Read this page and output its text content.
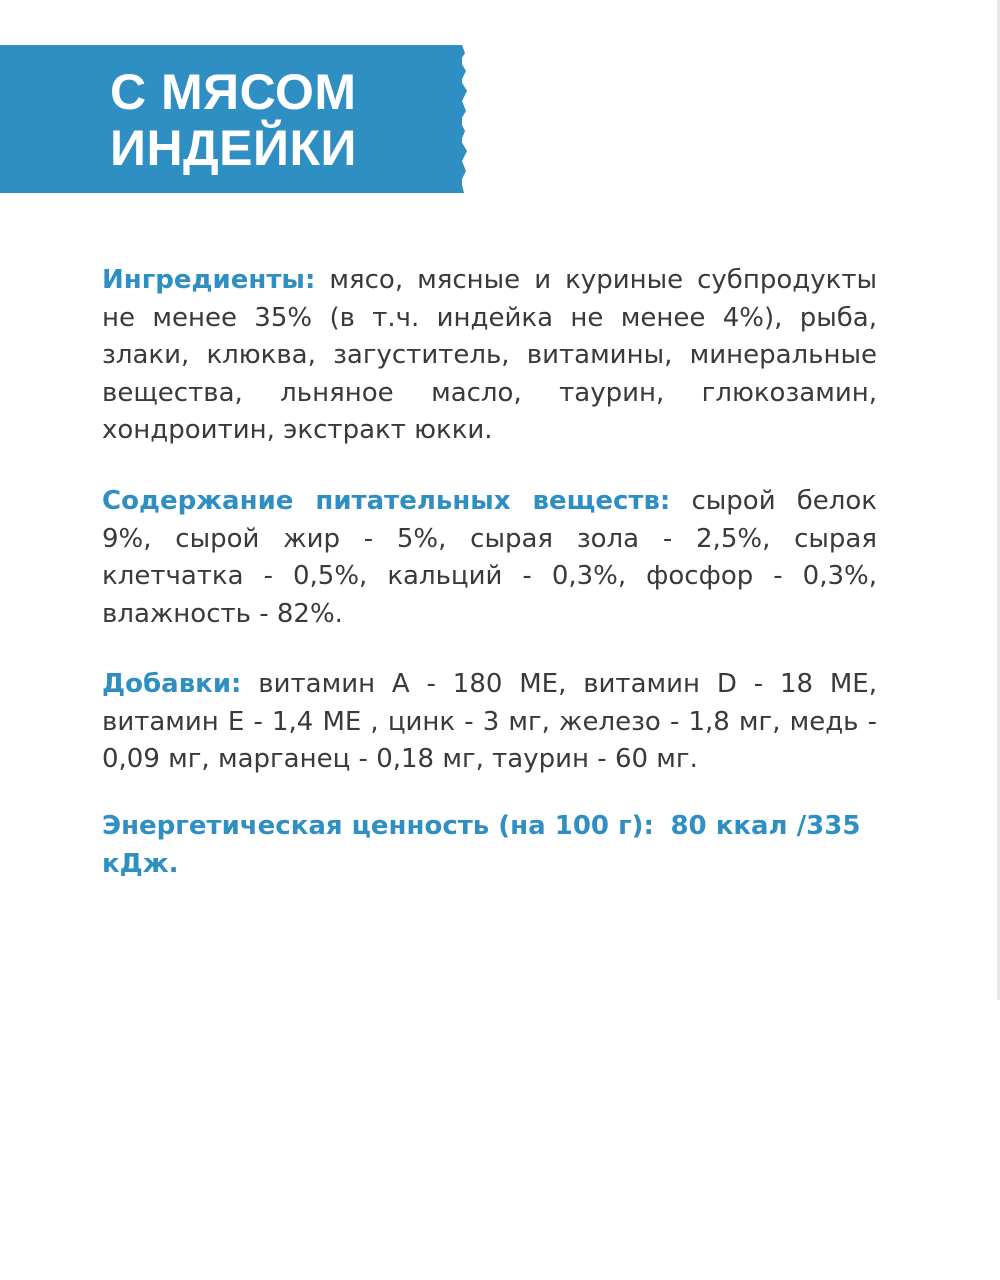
С МЯСОМ
ИНДЕЙКИ

Ингредиенты: мясо, мясные и куриные субпродукты не менее 35% (в т.ч. индейка не менее 4%), рыба, злаки, клюква, загуститель, витамины, минеральные вещества, льняное масло, таурин, глюкозамин, хондроитин, экстракт юкки.

Содержание питательных веществ: сырой белок 9%, сырой жир - 5%, сырая зола - 2,5%, сырая клетчатка - 0,5%, кальций - 0,3%, фосфор - 0,3%, влажность - 82%.

Добавки: витамин А - 180 МЕ, витамин D - 18 МЕ, витамин Е - 1,4 МЕ , цинк - 3 мг, железо - 1,8 мг, медь - 0,09 мг, марганец - 0,18 мг, таурин - 60 мг.

Энергетическая ценность (на 100 г): 80 ккал /335 кДж.
